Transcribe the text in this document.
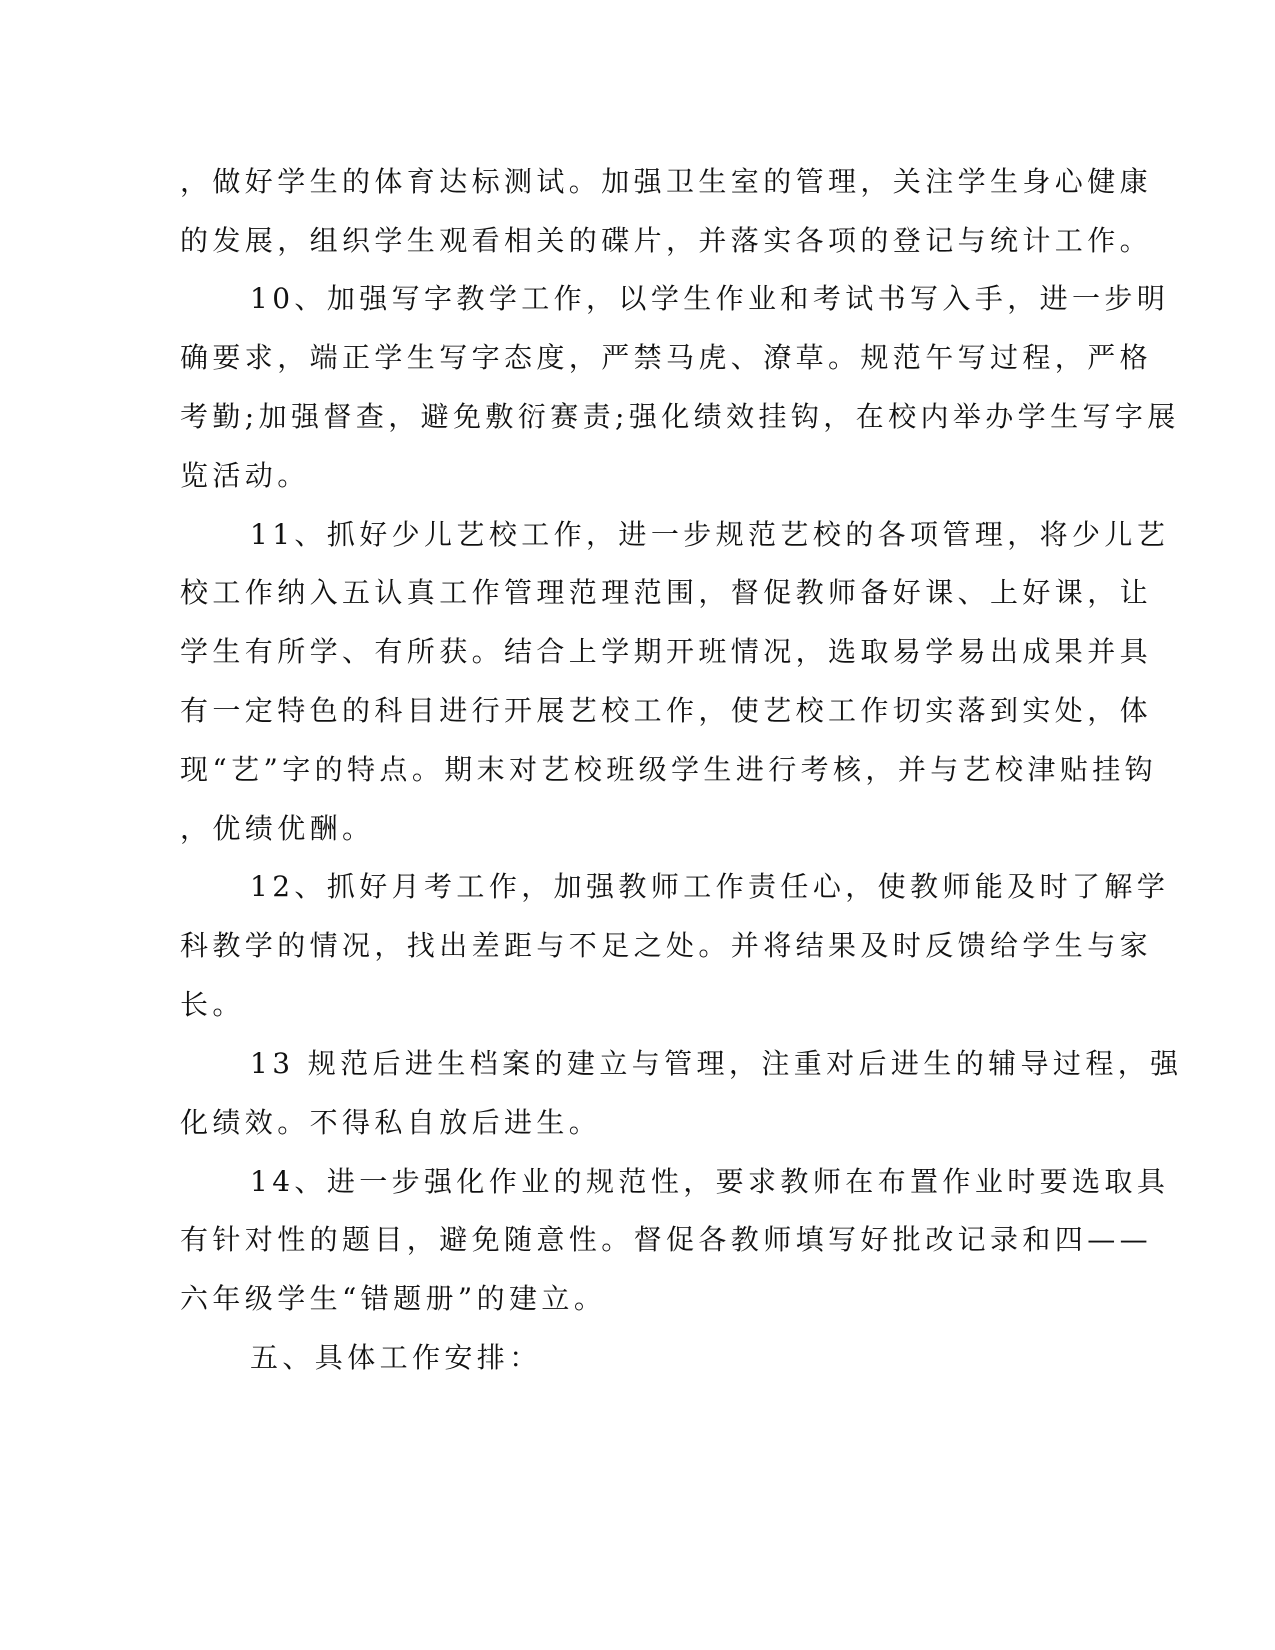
，做好学生的体育达标测试。加强卫生室的管理，关注学生身心健康
的发展，组织学生观看相关的碟片，并落实各项的登记与统计工作。
10、加强写字教学工作，以学生作业和考试书写入手，进一步明
确要求，端正学生写字态度，严禁马虎、潦草。规范午写过程，严格
考勤;加强督查，避免敷衍赛责;强化绩效挂钩，在校内举办学生写字展
览活动。
11、抓好少儿艺校工作，进一步规范艺校的各项管理，将少儿艺
校工作纳入五认真工作管理范理范围，督促教师备好课、上好课，让
学生有所学、有所获。结合上学期开班情况，选取易学易出成果并具
有一定特色的科目进行开展艺校工作，使艺校工作切实落到实处，体
现“艺”字的特点。期末对艺校班级学生进行考核，并与艺校津贴挂钩
，优绩优酬。
12、抓好月考工作，加强教师工作责任心，使教师能及时了解学
科教学的情况，找出差距与不足之处。并将结果及时反馈给学生与家
长。
13 规范后进生档案的建立与管理，注重对后进生的辅导过程，强
化绩效。不得私自放后进生。
14、进一步强化作业的规范性，要求教师在布置作业时要选取具
有针对性的题目，避免随意性。督促各教师填写好批改记录和四——
六年级学生“错题册”的建立。
五、具体工作安排：
